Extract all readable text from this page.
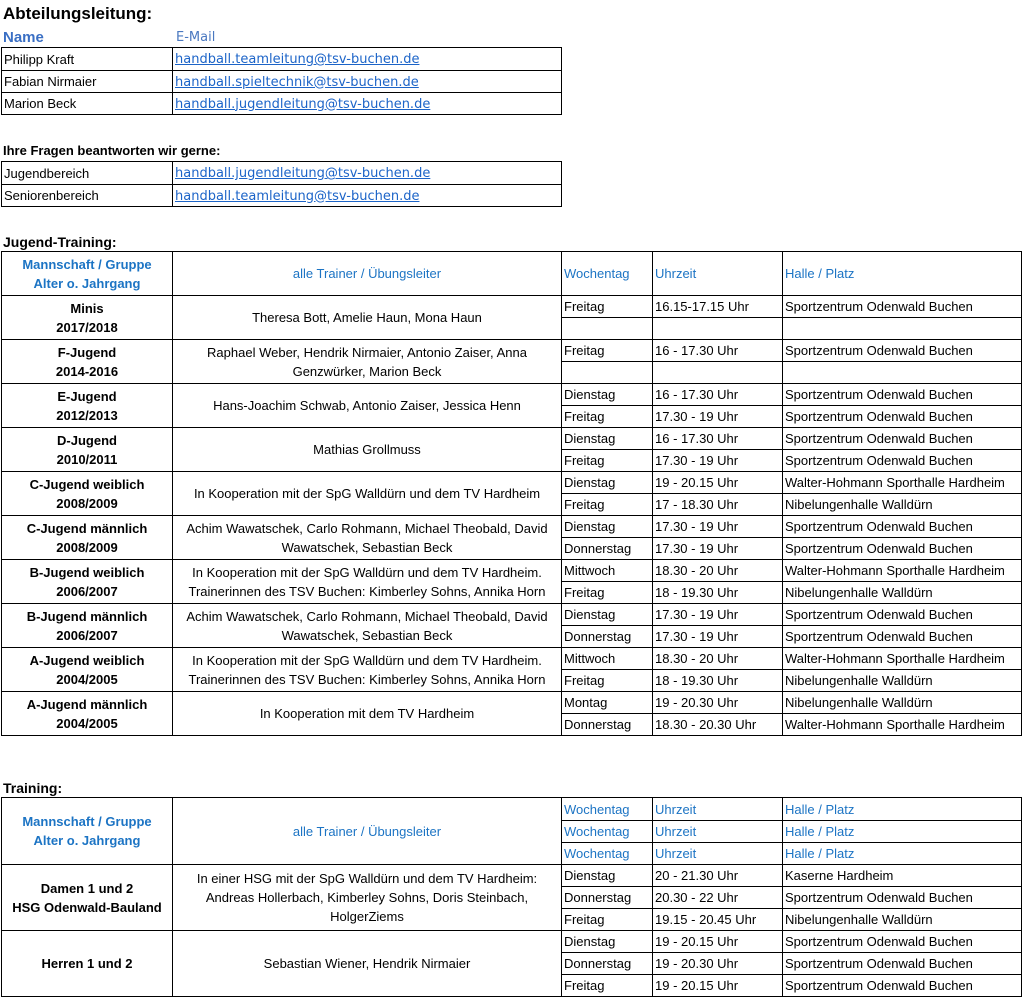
Abteilungsleitung:
Name	E-Mail
Philipp Kraft	handball.teamleitung@tsv-buchen.de
Fabian Nirmaier	handball.spieltechnik@tsv-buchen.de
Marion Beck	handball.jugendleitung@tsv-buchen.de
Ihre Fragen beantworten wir gerne:
Jugendbereich	handball.jugendleitung@tsv-buchen.de
Seniorenbereich	handball.teamleitung@tsv-buchen.de
Jugend-Training:
Mannschaft / Gruppe
Alter o. Jahrgang	alle Trainer / Übungsleiter	Wochentag	Uhrzeit	Halle / Platz

Minis
2017/2018	Theresa Bott, Amelie Haun, Mona Haun	Freitag	16.15-17.15 Uhr	Sportzentrum Odenwald Buchen

F-Jugend
2014-2016	Raphael Weber, Hendrik Nirmaier, Antonio Zaiser, Anna Genzwürker, Marion Beck	Freitag	16 - 17.30 Uhr	Sportzentrum Odenwald Buchen

E-Jugend
2012/2013	Hans-Joachim Schwab, Antonio Zaiser, Jessica Henn	Dienstag	16 - 17.30 Uhr	Sportzentrum Odenwald Buchen
		Freitag	17.30 - 19 Uhr	Sportzentrum Odenwald Buchen

D-Jugend
2010/2011	Mathias Grollmuss	Dienstag	16 - 17.30 Uhr	Sportzentrum Odenwald Buchen
		Freitag	17.30 - 19 Uhr	Sportzentrum Odenwald Buchen

C-Jugend weiblich
2008/2009	In Kooperation mit der SpG Walldürn und dem TV Hardheim	Dienstag	19 - 20.15 Uhr	Walter-Hohmann Sporthalle Hardheim
		Freitag	17 - 18.30 Uhr	Nibelungenhalle Walldürn

C-Jugend männlich
2008/2009	Achim Wawatschek, Carlo Rohmann, Michael Theobald, David Wawatschek, Sebastian Beck	Dienstag	17.30 - 19 Uhr	Sportzentrum Odenwald Buchen
		Donnerstag	17.30 - 19 Uhr	Sportzentrum Odenwald Buchen

B-Jugend weiblich
2006/2007	In Kooperation mit der SpG Walldürn und dem TV Hardheim. Trainerinnen des TSV Buchen: Kimberley Sohns, Annika Horn	Mittwoch	18.30 - 20 Uhr	Walter-Hohmann Sporthalle Hardheim
		Freitag	18 - 19.30 Uhr	Nibelungenhalle Walldürn

B-Jugend männlich
2006/2007	Achim Wawatschek, Carlo Rohmann, Michael Theobald, David Wawatschek, Sebastian Beck	Dienstag	17.30 - 19 Uhr	Sportzentrum Odenwald Buchen
		Donnerstag	17.30 - 19 Uhr	Sportzentrum Odenwald Buchen

A-Jugend weiblich
2004/2005	In Kooperation mit der SpG Walldürn und dem TV Hardheim. Trainerinnen des TSV Buchen: Kimberley Sohns, Annika Horn	Mittwoch	18.30 - 20 Uhr	Walter-Hohmann Sporthalle Hardheim
		Freitag	18 - 19.30 Uhr	Nibelungenhalle Walldürn

A-Jugend männlich
2004/2005	In Kooperation mit dem TV Hardheim	Montag	19 - 20.30 Uhr	Nibelungenhalle Walldürn
		Donnerstag	18.30 - 20.30 Uhr	Walter-Hohmann Sporthalle Hardheim
Training:
Mannschaft / Gruppe
Alter o. Jahrgang	alle Trainer / Übungsleiter	Wochentag	Uhrzeit	Halle / Platz
		Wochentag	Uhrzeit	Halle / Platz
		Wochentag	Uhrzeit	Halle / Platz

Damen 1 und 2
HSG Odenwald-Bauland	In einer HSG mit der SpG Walldürn und dem TV Hardheim: Andreas Hollerbach, Kimberley Sohns, Doris Steinbach, HolgerZiems	Dienstag	20 - 21.30 Uhr	Kaserne Hardheim
		Donnerstag	20.30 - 22 Uhr	Sportzentrum Odenwald Buchen
		Freitag	19.15 - 20.45 Uhr	Nibelungenhalle Walldürn

Herren 1 und 2	Sebastian Wiener, Hendrik Nirmaier	Dienstag	19 - 20.15 Uhr	Sportzentrum Odenwald Buchen
		Donnerstag	19 - 20.30 Uhr	Sportzentrum Odenwald Buchen
		Freitag	19 - 20.15 Uhr	Sportzentrum Odenwald Buchen
